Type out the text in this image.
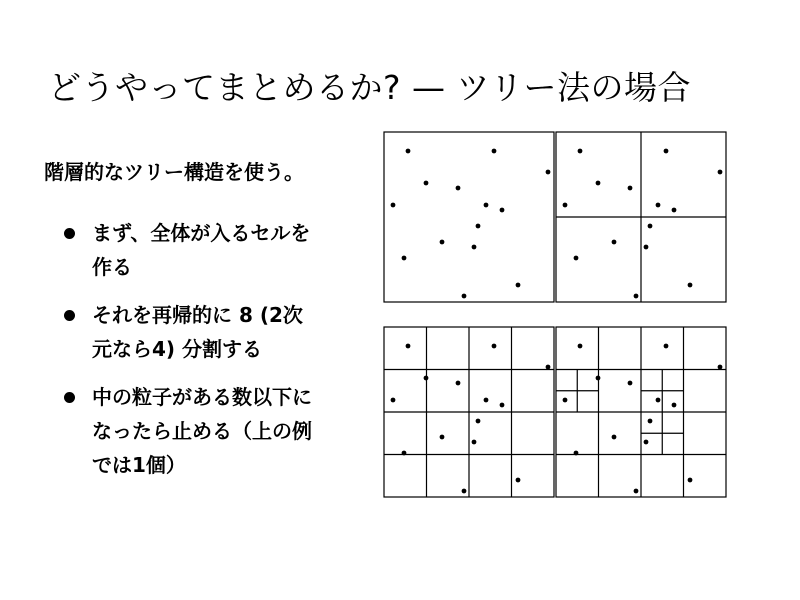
どうやってまとめるか? — ツリー法の場合
階層的なツリー構造を使う。
まず、全体が入るセルを
作る
それを再帰的に 8 (2次
元なら4) 分割する
中の粒子がある数以下に
なったら止める（上の例
では1個）
